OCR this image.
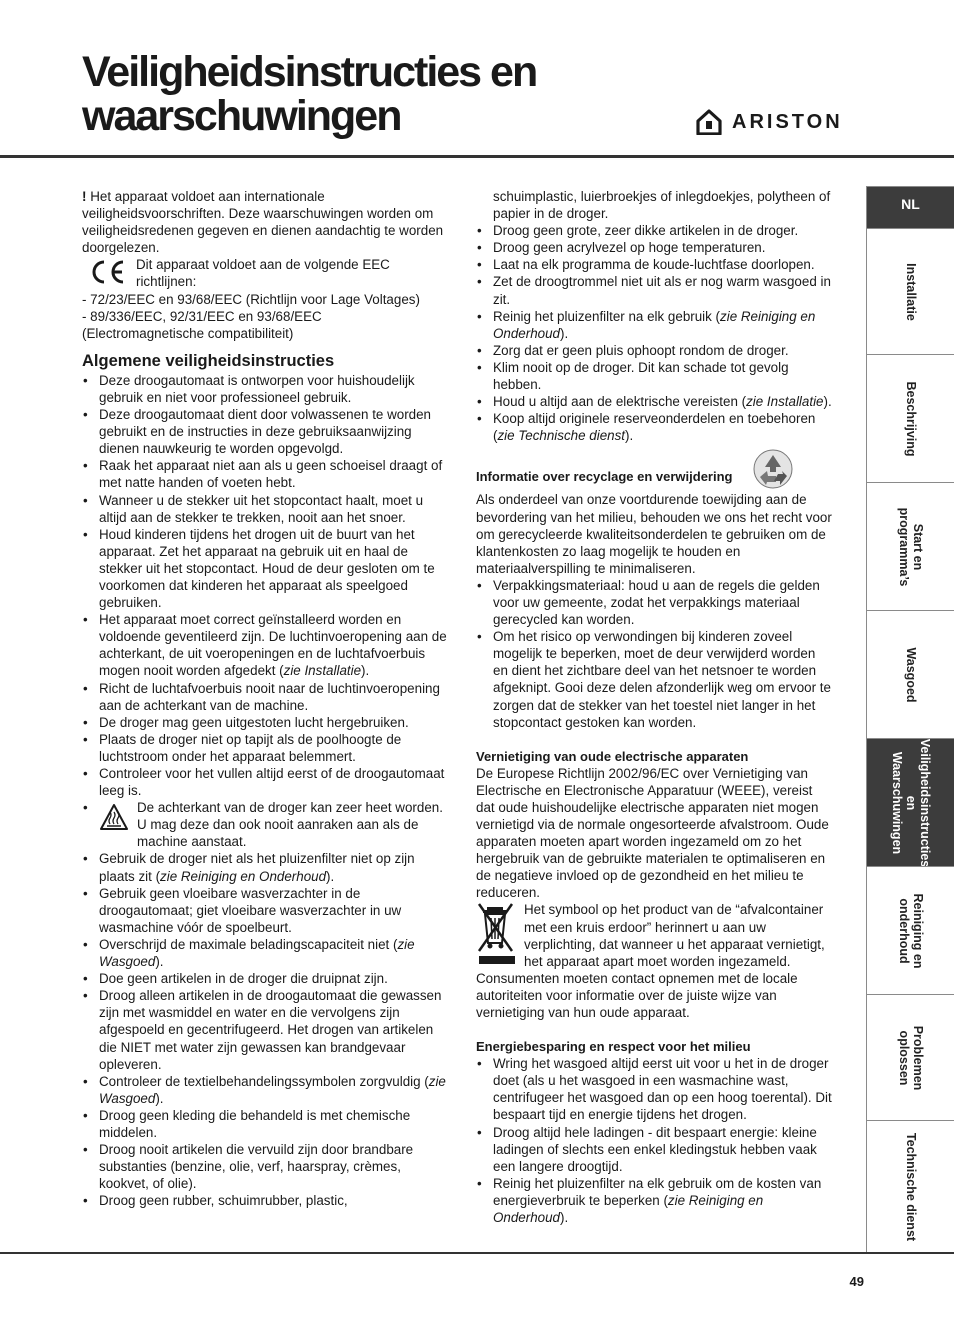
Veiligheidsinstructies en waarschuwingen	ARISTON

! Het apparaat voldoet aan internationale veiligheidsvoorschriften. Deze waarschuwingen worden om veiligheidsredenen gegeven en dienen aandachtig te worden doorgelezen.

Dit apparaat voldoet aan de volgende EEC richtlijnen:

- 72/23/EEC en 93/68/EEC (Richtlijn voor Lage Voltages)

- 89/336/EEC, 92/31/EEC en 93/68/EEC

(Electromagnetische compatibiliteit)

Algemene veiligheidsinstructies
• Deze droogautomaat is ontworpen voor huishoudelijk gebruik en niet voor professioneel gebruik.
• Deze droogautomaat dient door volwassenen te worden gebruikt en de instructies in deze gebruiksaanwijzing dienen nauwkeurig te worden opgevolgd.
• Raak het apparaat niet aan als u geen schoeisel draagt of met natte handen of voeten hebt.
• Wanneer u de stekker uit het stopcontact haalt, moet u altijd aan de stekker te trekken, nooit aan het snoer.
• Houd kinderen tijdens het drogen uit de buurt van het apparaat. Zet het apparaat na gebruik uit en haal de stekker uit het stopcontact. Houd de deur gesloten om te voorkomen dat kinderen het apparaat als speelgoed gebruiken.
• Het apparaat moet correct geïnstalleerd worden en voldoende geventileerd zijn. De luchtinvoeropening aan de achterkant, de uit voeropeningen en de luchtafvoerbuis mogen nooit worden afgedekt (zie Installatie).
• Richt de luchtafvoerbuis nooit naar de luchtinvoeropening aan de achterkant van de machine.
• De droger mag geen uitgestoten lucht hergebruiken.
• Plaats de droger niet op tapijt als de poolhoogte de luchtstroom onder het apparaat belemmert.
• Controleer voor het vullen altijd eerst of de droogautomaat leeg is.
• De achterkant van de droger kan zeer heet worden. U mag deze dan ook nooit aanraken aan als de machine aanstaat.
• Gebruik de droger niet als het pluizenfilter niet op zijn plaats zit (zie Reiniging en Onderhoud).
• Gebruik geen vloeibare wasverzachter in de droogautomaat; giet vloeibare wasverzachter in uw wasmachine vóór de spoelbeurt.
• Overschrijd de maximale beladingscapaciteit niet (zie Wasgoed).
• Doe geen artikelen in de droger die druipnat zijn.
• Droog alleen artikelen in de droogautomaat die gewassen zijn met wasmiddel en water en die vervolgens zijn afgespoeld en gecentrifugeerd. Het drogen van artikelen die NIET met water zijn gewassen kan brandgevaar opleveren.
• Controleer de textielbehandelingssymbolen zorgvuldig (zie Wasgoed).
• Droog geen kleding die behandeld is met chemische middelen.
• Droog nooit artikelen die vervuild zijn door brandbare substanties (benzine, olie, verf, haarspray, crèmes, kookvet, of olie).
• Droog geen rubber, schuimrubber, plastic,
schuimplastic, luierbroekjes of inlegdoekjes, polytheen of papier in de droger.
• Droog geen grote, zeer dikke artikelen in de droger.
• Droog geen acrylvezel op hoge temperaturen.
• Laat na elk programma de koude-luchtfase doorlopen.
• Zet de droogtrommel niet uit als er nog warm wasgoed in zit.
• Reinig het pluizenfilter na elk gebruik (zie Reiniging en Onderhoud).
• Zorg dat er geen pluis ophoopt rondom de droger.
• Klim nooit op de droger. Dit kan schade tot gevolg hebben.
• Houd u altijd aan de elektrische vereisten (zie Installatie).
• Koop altijd originele reserveonderdelen en toebehoren (zie Technische dienst).
Informatie over recyclage en verwijdering

Als onderdeel van onze voortdurende toewijding aan de bevordering van het milieu, behouden we ons het recht voor om gerecycleerde kwaliteitsonderdelen te gebruiken om de klantenkosten zo laag mogelijk te houden en materiaalverspilling te minimaliseren.

• Verpakkingsmateriaal: houd u aan de regels die gelden voor uw gemeente, zodat het verpakkings materiaal gerecycled kan worden.
• Om het risico op verwondingen bij kinderen zoveel mogelijk te beperken, moet de deur verwijderd worden en dient het zichtbare deel van het netsnoer te worden afgeknipt. Gooi deze delen afzonderlijk weg om ervoor te zorgen dat de stekker van het toestel niet langer in het stopcontact gestoken kan worden.
Vernietiging van oude electrische apparaten

De Europese Richtlijn 2002/96/EC over Vernietiging van Electrische en Electronische Apparatuur (WEEE), vereist dat oude huishoudelijke electrische apparaten niet mogen vernietigd via de normale ongesorteerde afvalstroom. Oude apparaten moeten apart worden ingezameld om zo het hergebruik van de gebruikte materialen te optimaliseren en de negatieve invloed op de gezondheid en het milieu te reduceren.

Het symbool op het product van de “afvalcontainer met een kruis erdoor” herinnert u aan uw verplichting, dat wanneer u het apparaat vernietigt, het apparaat apart moet worden ingezameld.

Consumenten moeten contact opnemen met de locale autoriteiten voor informatie over de juiste wijze van vernietiging van hun oude apparaat.

Energiebesparing en respect voor het milieu
• Wring het wasgoed altijd eerst uit voor u het in de droger doet (als u het wasgoed in een wasmachine wast, centrifugeer het wasgoed dan op een hoog toerental). Dit bespaart tijd en energie tijdens het drogen.
• Droog altijd hele ladingen - dit bespaart energie: kleine ladingen of slechts een enkel kledingstuk hebben vaak een langere droogtijd.
• Reinig het pluizenfilter na elk gebruik om de kosten van energieverbruik te beperken (zie Reiniging en Onderhoud).
NL
Installatie
Beschrijving
Start en
programma’s
Wasgoed
Veiligheidsinstructies
en
Waarschuwingen
Reiniging en
onderhoud
Problemen
oplossen
Technische dienst
49
